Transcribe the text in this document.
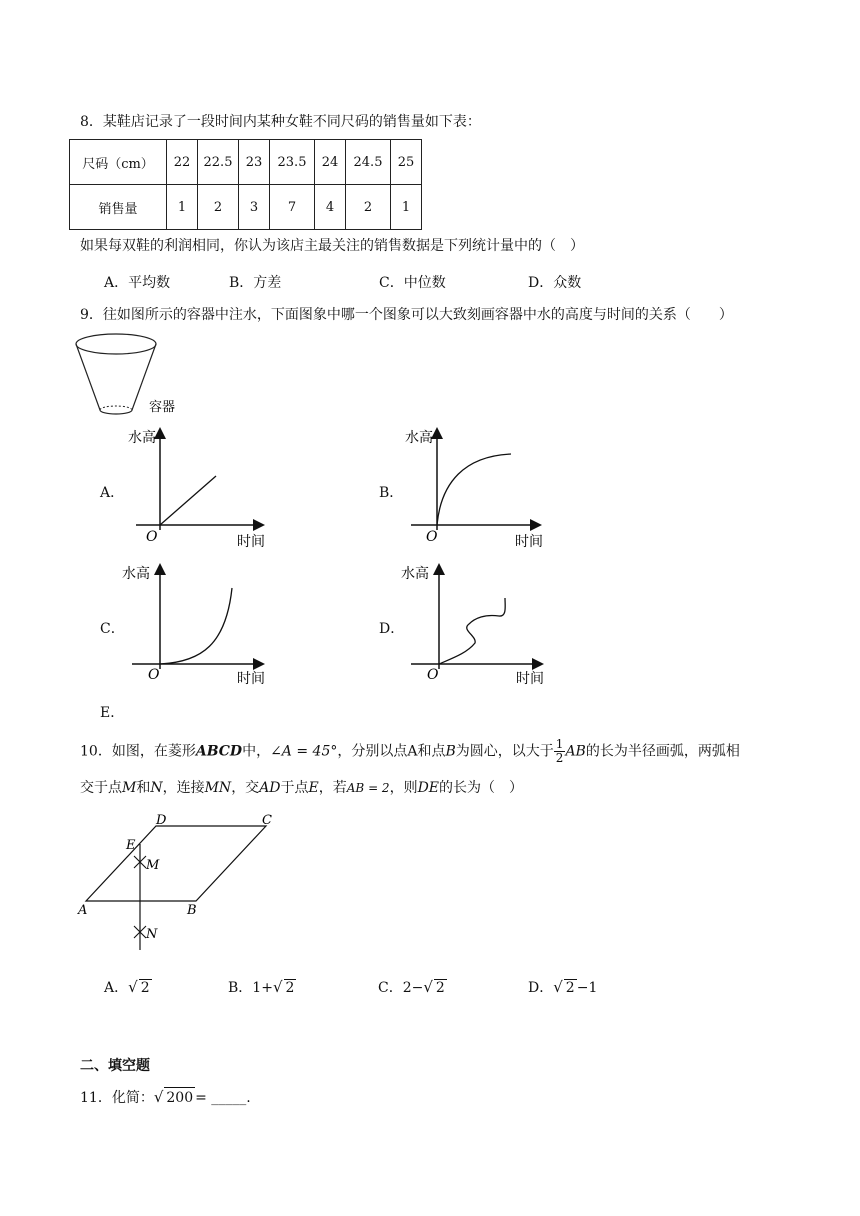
8．某鞋店记录了一段时间内某种女鞋不同尺码的销售量如下表：
尺码（cm）	22	22.5	23	23.5	24	24.5	25
销售量	1	2	3	7	4	2	1
如果每双鞋的利润相同，你认为该店主最关注的销售数据是下列统计量中的（　）
A．平均数	B．方差	C．中位数	D．众数
9．往如图所示的容器中注水，下面图象中哪一个图象可以大致刻画容器中水的高度与时间的关系（　　）
容器
A．
水高
O	时间
B．
水高
O	时间
C．
水高
O	时间
D．
水高
O	时间
E．
10．如图，在菱形ABCD中，∠A = 45°，分别以点A和点B为圆心，以大于 $\frac{1}{2}$ AB的长为半径画弧，两弧相
交于点M和N，连接MN，交AD于点E，若AB = 2，则DE的长为（　）
A	B
C
D
E
M
N
A．√ 2	B．1+√ 2	C．2−√ 2	D．√ 2 −1
二、填空题
11．化简：√ 200 = _____.
